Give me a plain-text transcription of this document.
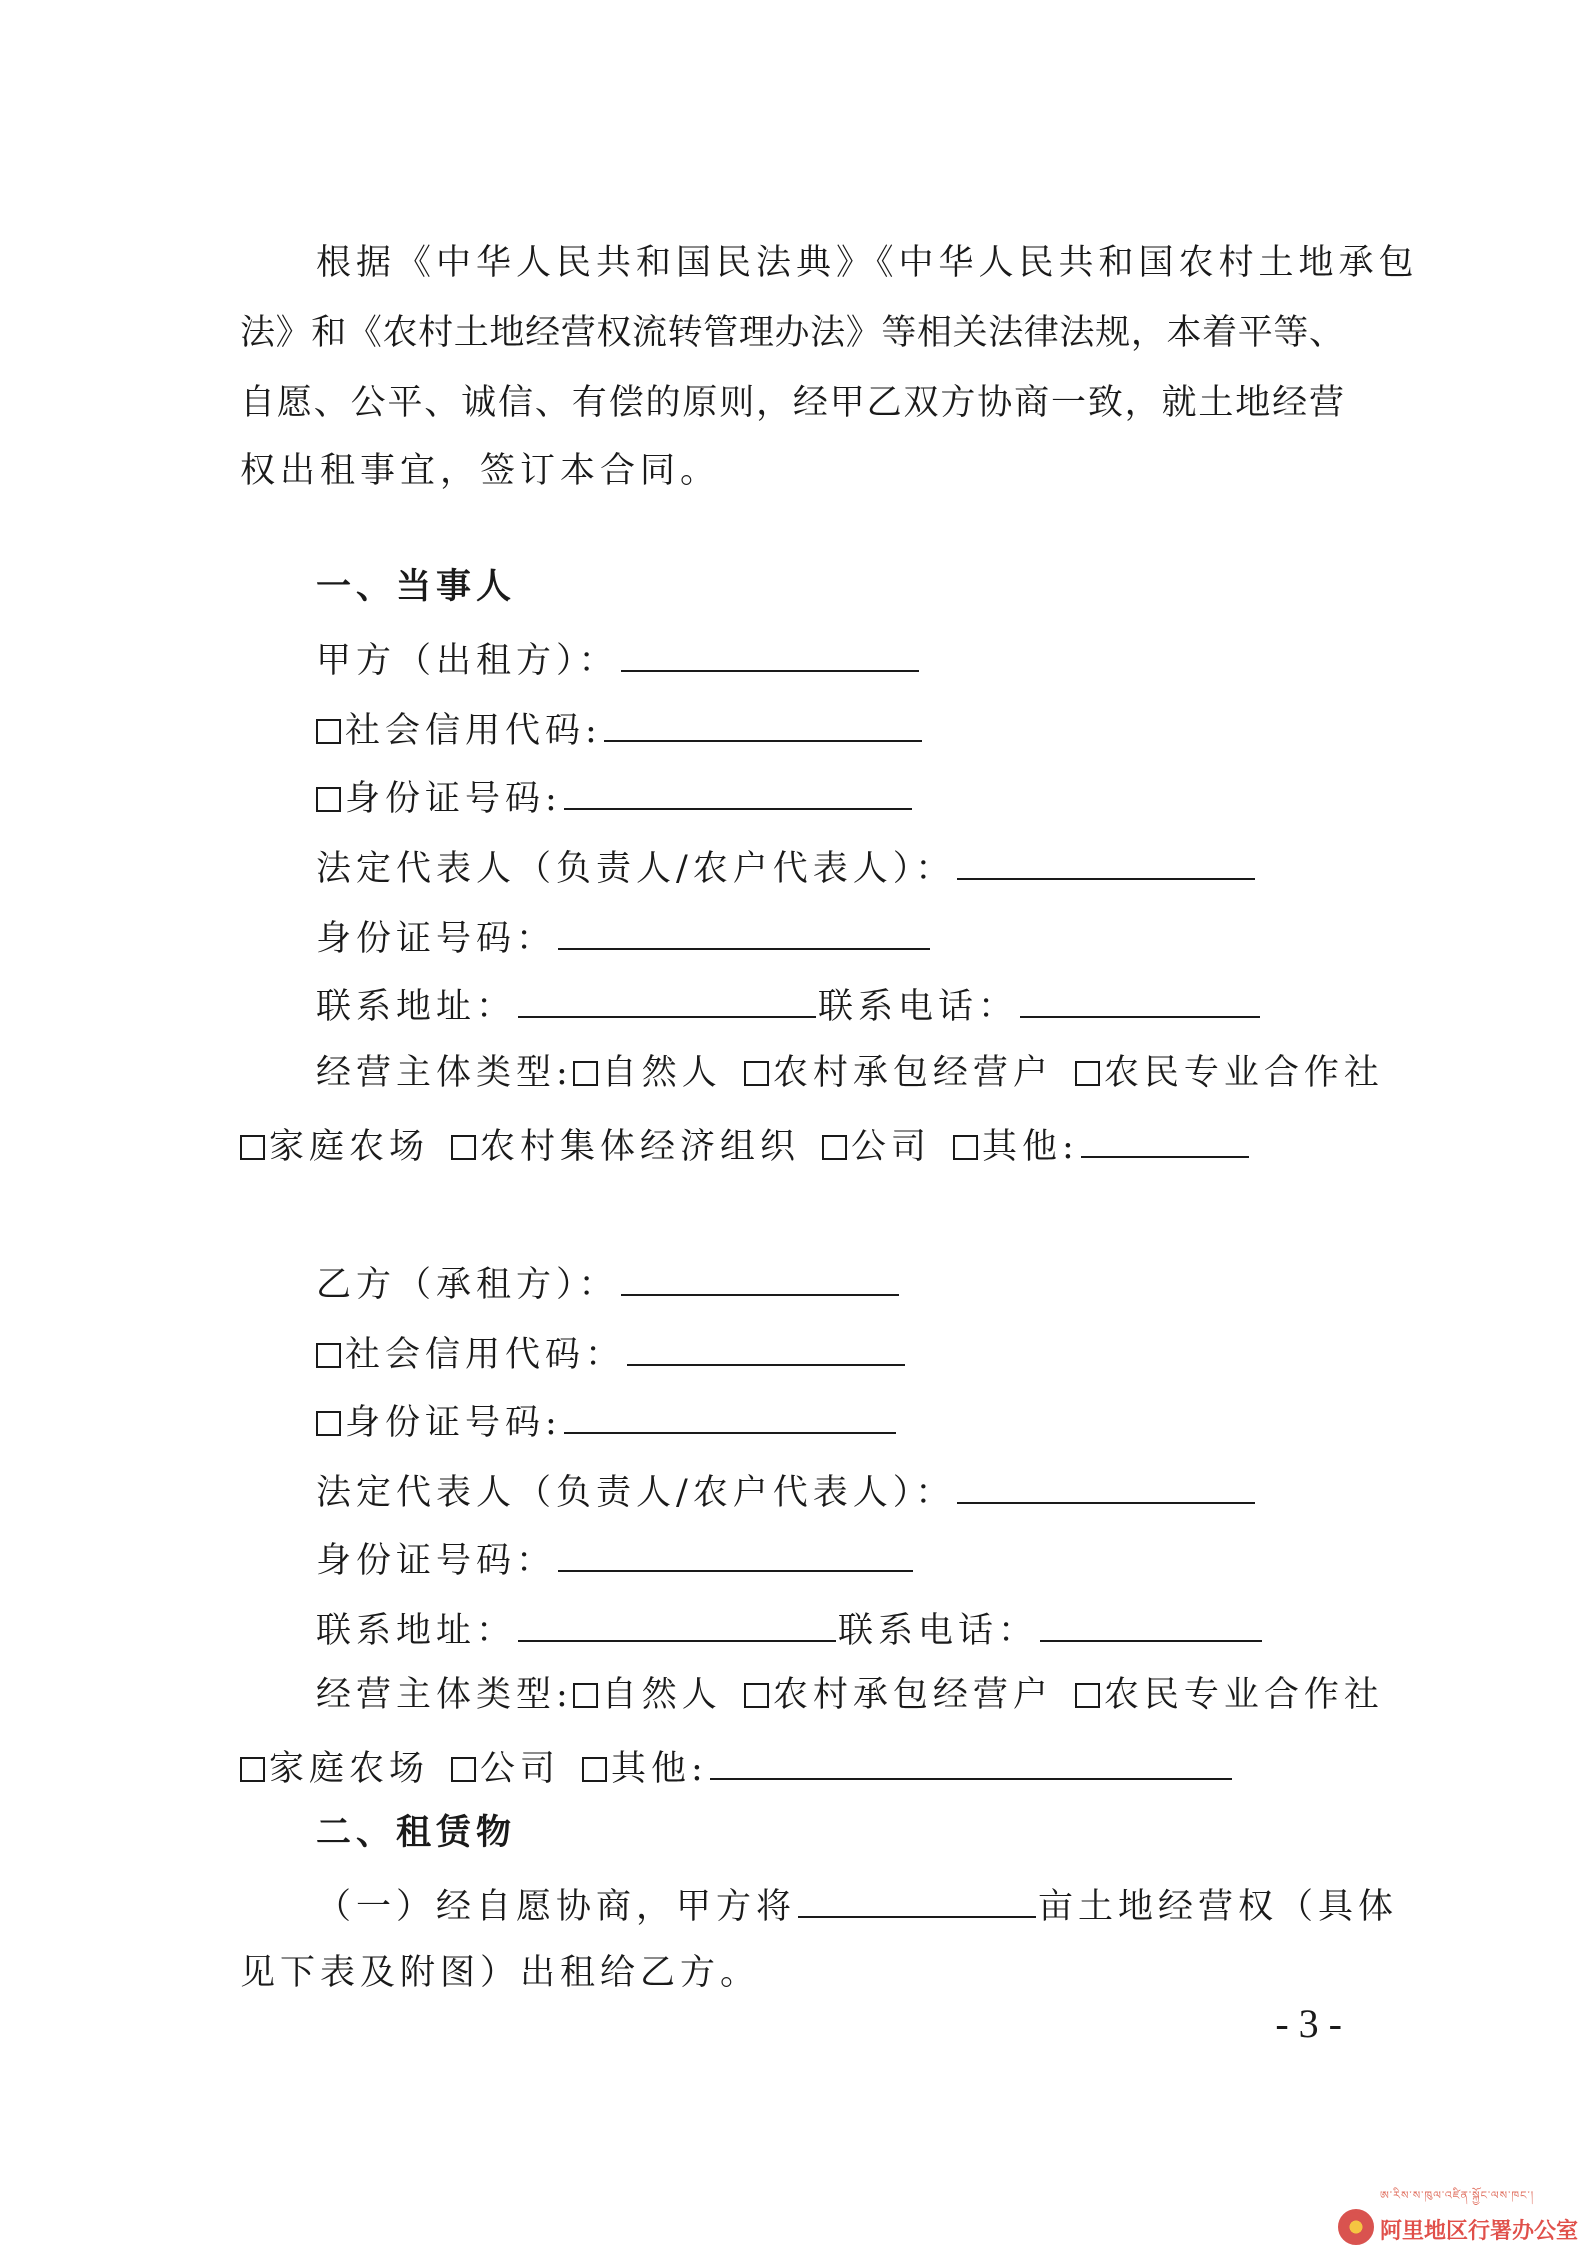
根据《中华人民共和国民法典》《中华人民共和国农村土地承包
法》和《农村土地经营权流转管理办法》等相关法律法规，本着平等、
自愿、公平、诚信、有偿的原则，经甲乙双方协商一致，就土地经营
权出租事宜，签订本合同。
一、当事人
甲方（出租方）：
社会信用代码:
身份证号码:
法定代表人（负责人/农户代表人）：
身份证号码：
联系地址：	联系电话：
经营主体类型: 自然人 农村承包经营户 农民专业合作社
家庭农场 农村集体经济组织 公司 其他:
乙方（承租方）：
社会信用代码：
身份证号码:
法定代表人（负责人/农户代表人）：
身份证号码：
联系地址：	联系电话：
经营主体类型: 自然人 农村承包经营户 农民专业合作社
家庭农场 公司 其他:
二、租赁物
（一）经自愿协商，甲方将	亩土地经营权（具体
见下表及附图）出租给乙方。
- 3 -
ཨ་རིས་ས་ཁུལ་འཛིན་སྐྱོང་ལས་ཁང་།
阿里地区行署办公室
